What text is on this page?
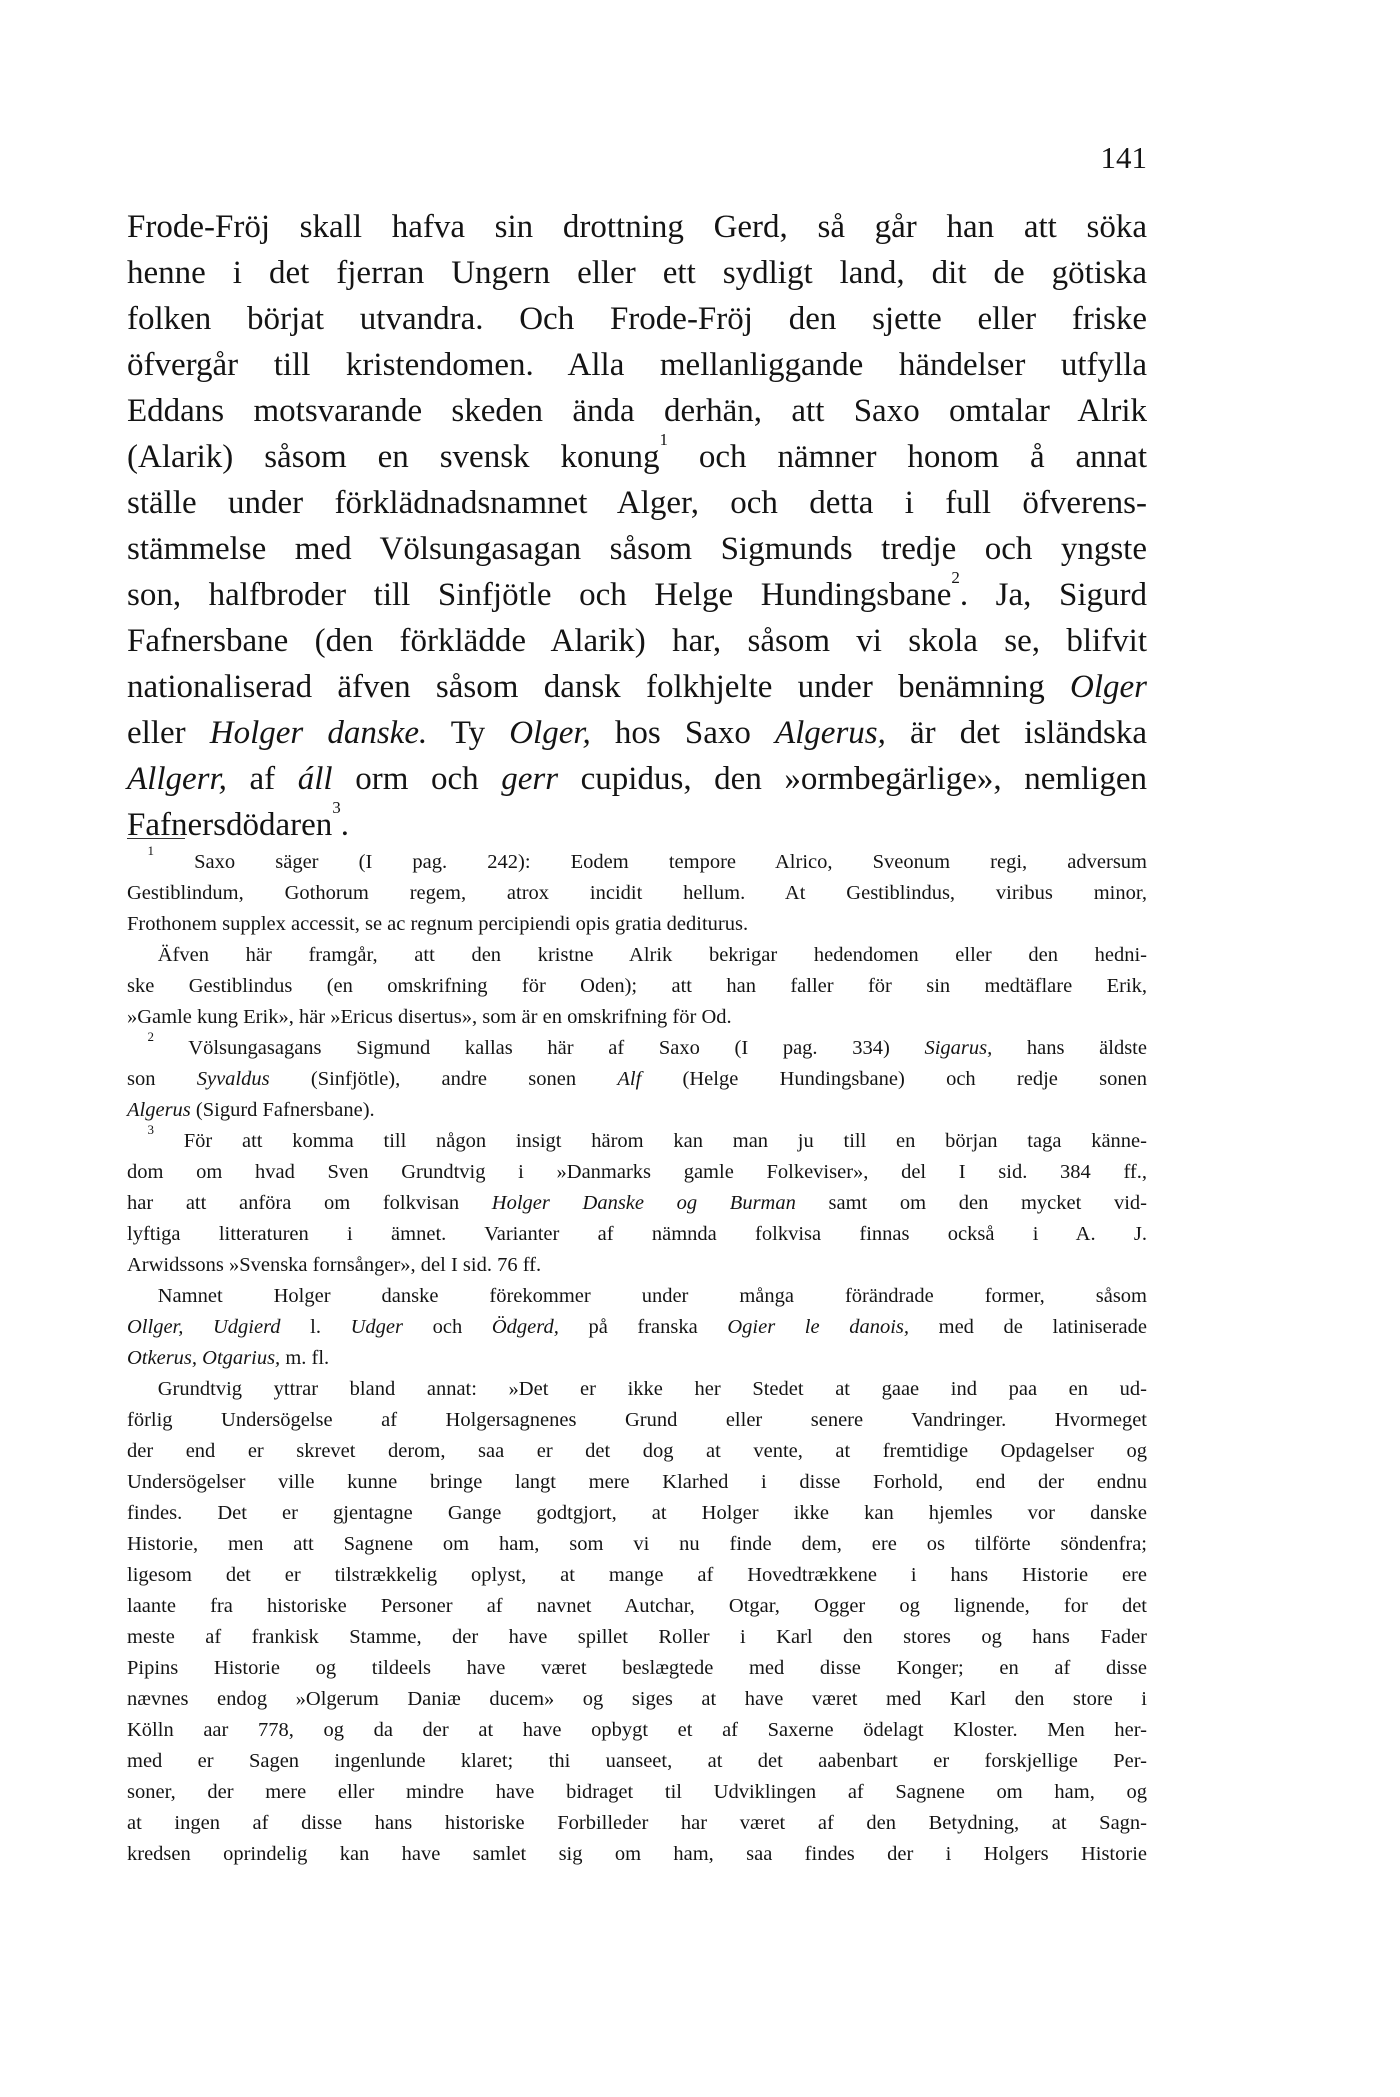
141
Frode-Fröj skall hafva sin drottning Gerd, så går han att söka
henne i det fjerran Ungern eller ett sydligt land, dit de götiska
folken börjat utvandra. Och Frode-Fröj den sjette eller friske
öfvergår till kristendomen. Alla mellanliggande händelser utfylla
Eddans motsvarande skeden ända derhän, att Saxo omtalar Alrik
(Alarik) såsom en svensk konung$^1$ och nämner honom å annat
ställe under förklädnadsnamnet Alger, och detta i full öfverens-
stämmelse med Völsungasagan såsom Sigmunds tredje och yngste
son, halfbroder till Sinfjötle och Helge Hundingsbane$^2$. Ja, Sigurd
Fafnersbane (den förklädde Alarik) har, såsom vi skola se, blifvit
nationaliserad äfven såsom dansk folkhjelte under benämning Olger
eller Holger danske. Ty Olger, hos Saxo Algerus, är det isländska
Allgerr, af áll orm och gerr cupidus, den »ormbegärlige», nemligen
Fafnersdödaren$^3$.
 $^1$ Saxo säger (I pag. 242): Eodem tempore Alrico, Sveonum regi, adversum
Gestiblindum, Gothorum regem, atrox incidit hellum. At Gestiblindus, viribus minor,
Frothonem supplex accessit, se ac regnum percipiendi opis gratia dediturus.
  Äfven här framgår, att den kristne Alrik bekrigar hedendomen eller den hedni-
ske Gestiblindus (en omskrifning för Oden); att han faller för sin medtäflare Erik,
»Gamle kung Erik», här »Ericus disertus», som är en omskrifning för Od.
 $^2$ Völsungasagans Sigmund kallas här af Saxo (I pag. 334) Sigarus, hans äldste
son Syvaldus (Sinfjötle), andre sonen Alf (Helge Hundingsbane) och redje sonen
Algerus (Sigurd Fafnersbane).
 $^3$ För att komma till någon insigt härom kan man ju till en början taga känne-
dom om hvad Sven Grundtvig i »Danmarks gamle Folkeviser», del I sid. 384 ff.,
har att anföra om folkvisan Holger Danske og Burman samt om den mycket vid-
lyftiga litteraturen i ämnet. Varianter af nämnda folkvisa finnas också i A. J.
Arwidssons »Svenska fornsånger», del I sid. 76 ff.
  Namnet Holger danske förekommer under många förändrade former, såsom
Ollger, Udgierd l. Udger och Ödgerd, på franska Ogier le danois, med de latiniserade
Otkerus, Otgarius, m. fl.
  Grundtvig yttrar bland annat: »Det er ikke her Stedet at gaae ind paa en ud-
förlig Undersögelse af Holgersagnenes Grund eller senere Vandringer. Hvormeget
der end er skrevet derom, saa er det dog at vente, at fremtidige Opdagelser og
Undersögelser ville kunne bringe langt mere Klarhed i disse Forhold, end der endnu
findes. Det er gjentagne Gange godtgjort, at Holger ikke kan hjemles vor danske
Historie, men att Sagnene om ham, som vi nu finde dem, ere os tilförte söndenfra;
ligesom det er tilstrækkelig oplyst, at mange af Hovedtrækkene i hans Historie ere
laante fra historiske Personer af navnet Autchar, Otgar, Ogger og lignende, for det
meste af frankisk Stamme, der have spillet Roller i Karl den stores og hans Fader
Pipins Historie og tildeels have været beslægtede med disse Konger; en af disse
nævnes endog »Olgerum Daniæ ducem» og siges at have været med Karl den store i
Kölln aar 778, og da der at have opbygt et af Saxerne ödelagt Kloster. Men her-
med er Sagen ingenlunde klaret; thi uanseet, at det aabenbart er forskjellige Per-
soner, der mere eller mindre have bidraget til Udviklingen af Sagnene om ham, og
at ingen af disse hans historiske Forbilleder har været af den Betydning, at Sagn-
kredsen oprindelig kan have samlet sig om ham, saa findes der i Holgers Historie
